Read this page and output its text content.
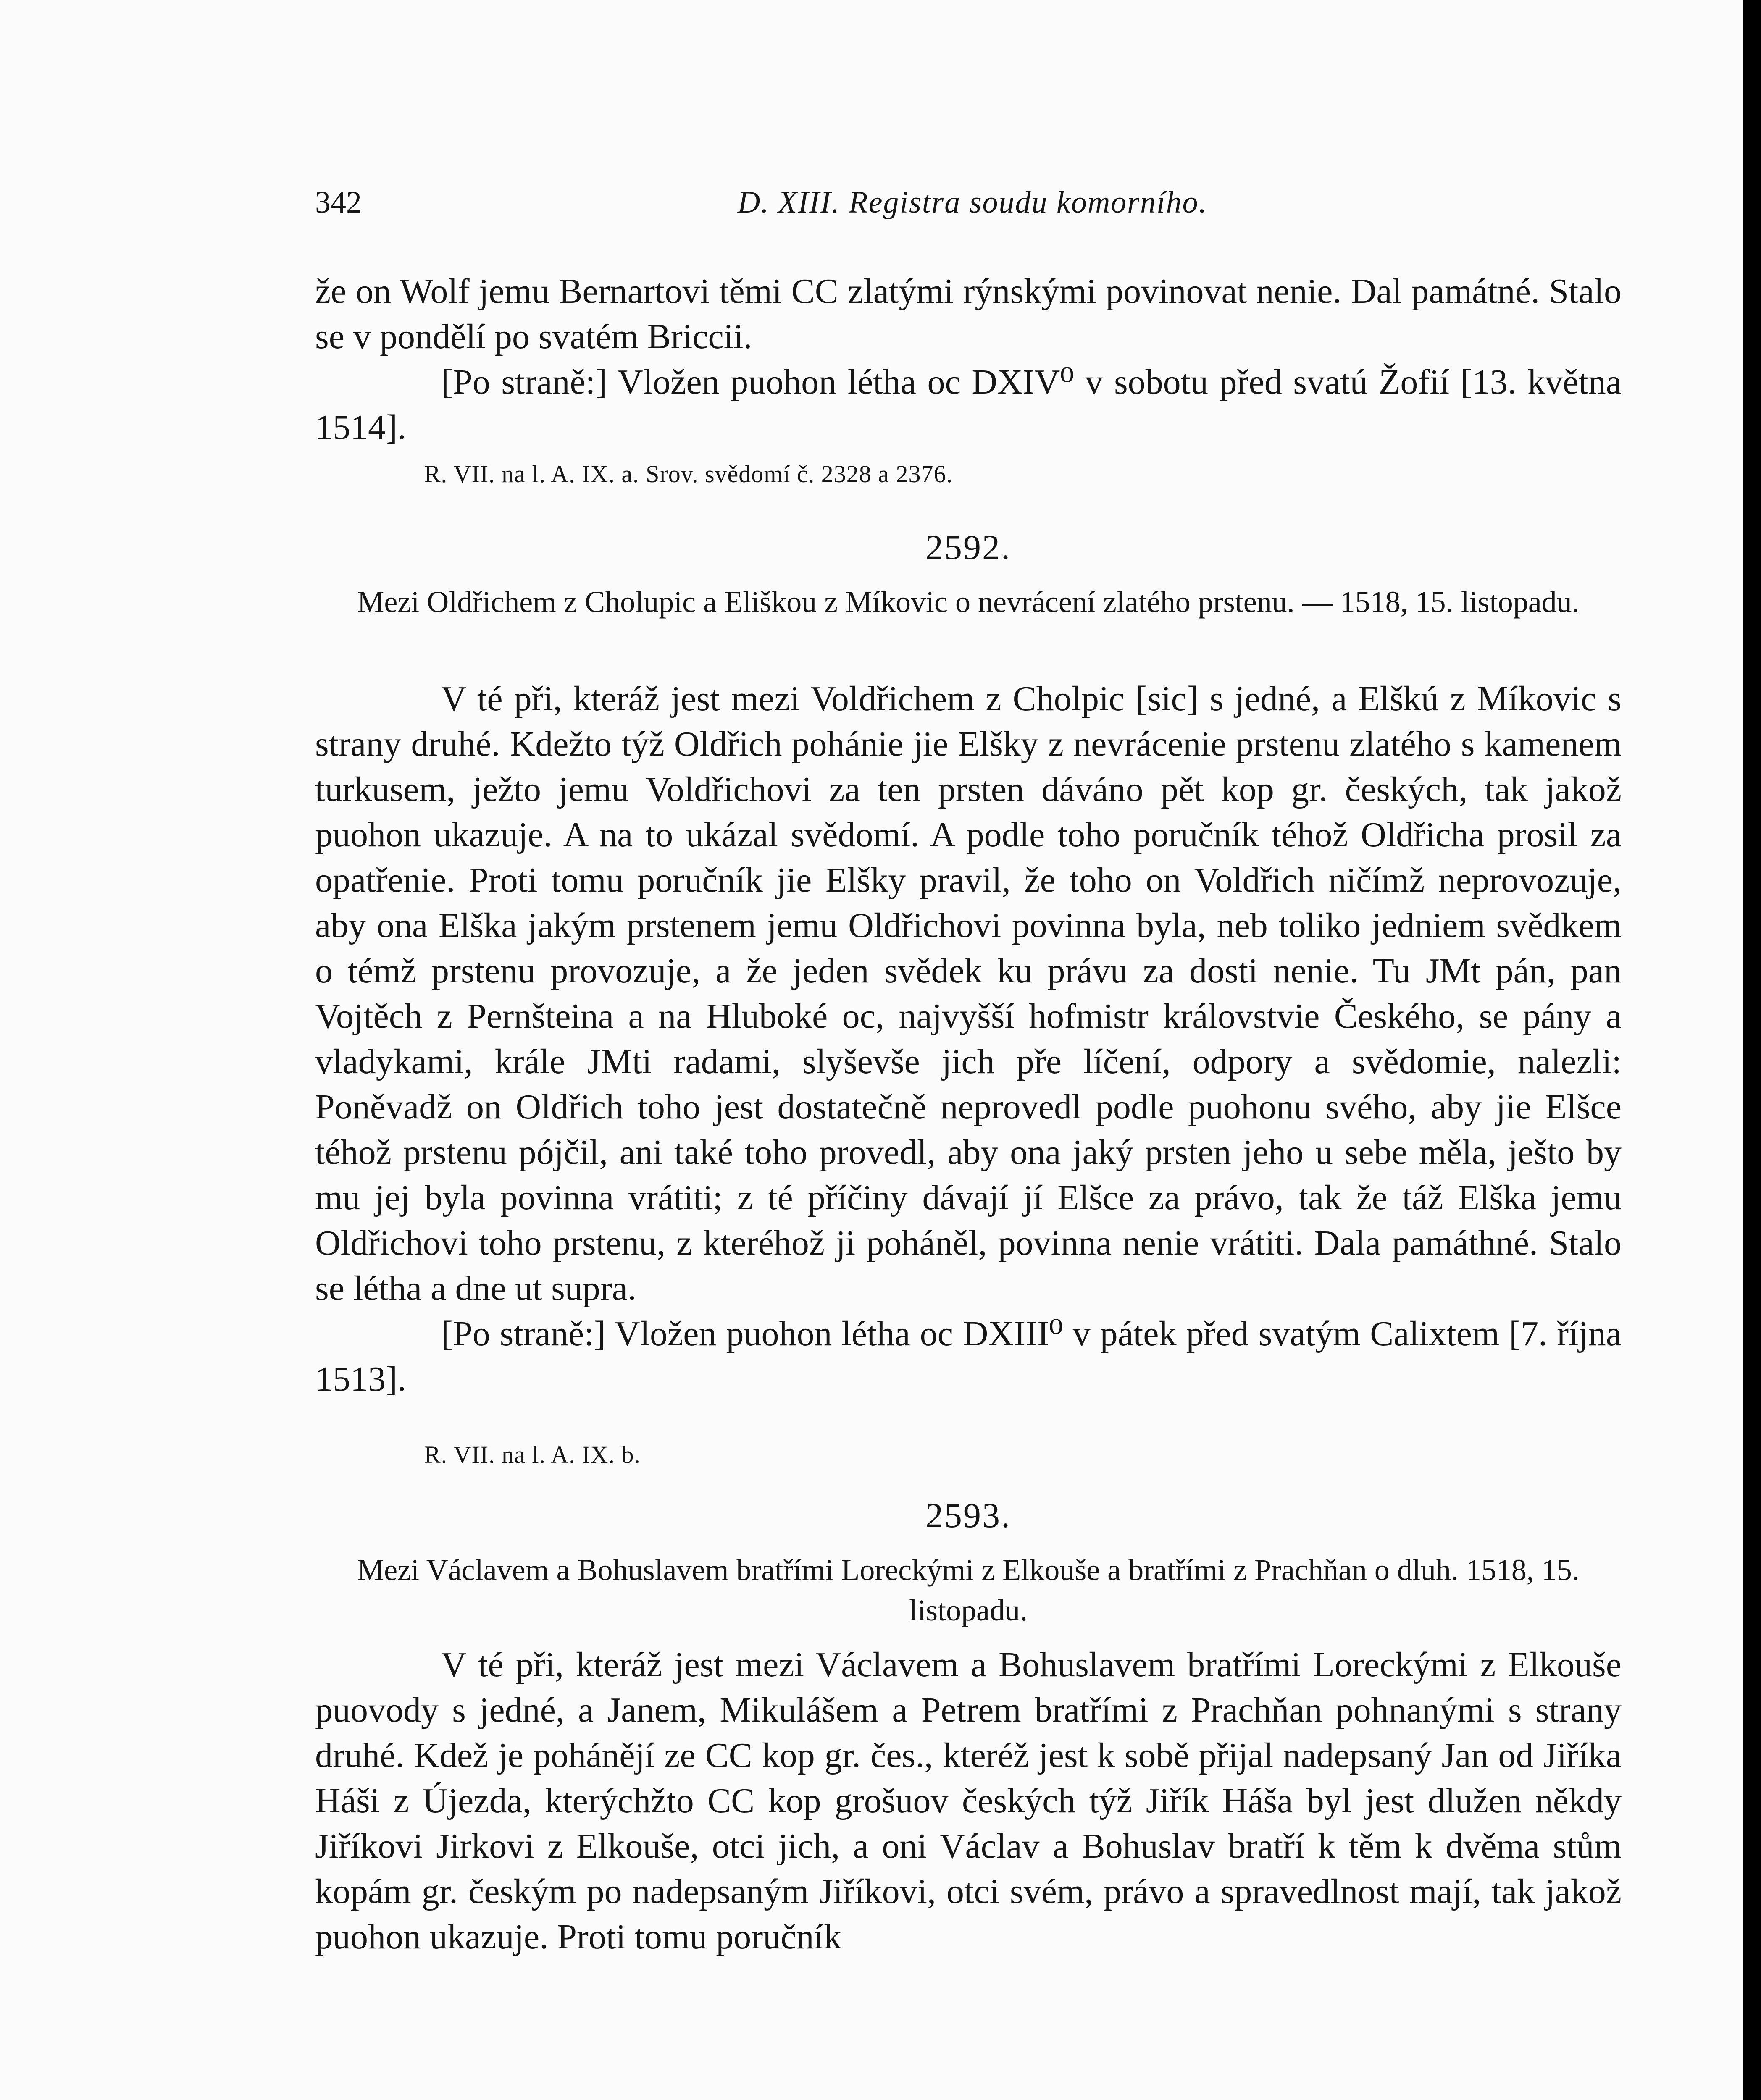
342	D. XIII. Registra soudu komorního.

že on Wolf jemu Bernartovi těmi CC zlatými rýnskými povinovat nenie. Dal památné. Stalo se v pondělí po svatém Briccii.

[Po straně:] Vložen puohon létha oc DXIV⁰ v sobotu před svatú Žofií [13. května 1514].

R. VII. na l. A. IX. a. Srov. svědomí č. 2328 a 2376.
2592.
Mezi Oldřichem z Cholupic a Eliškou z Míkovic o nevrácení zlatého prstenu. — 1518, 15. listopadu.

V té při, kteráž jest mezi Voldřichem z Cholpic [sic] s jedné, a Elškú z Míkovic s strany druhé. Kdežto týž Oldřich pohánie jie Elšky z nevrácenie prstenu zlatého s kamenem turkusem, ježto jemu Voldřichovi za ten prsten dáváno pět kop gr. českých, tak jakož puohon ukazuje. A na to ukázal svědomí. A podle toho poručník téhož Oldřicha prosil za opatřenie. Proti tomu poručník jie Elšky pravil, že toho on Voldřich ničímž neprovozuje, aby ona Elška jakým prstenem jemu Oldřichovi povinna byla, neb toliko jedniem svědkem o témž prstenu provozuje, a že jeden svědek ku právu za dosti nenie. Tu JMt pán, pan Vojtěch z Pernšteina a na Hluboké oc, najvyšší hofmistr královstvie Českého, se pány a vladykami, krále JMti radami, slyševše jich pře líčení, odpory a svědomie, nalezli: Poněvadž on Oldřich toho jest dostatečně neprovedl podle puohonu svého, aby jie Elšce téhož prstenu pójčil, ani také toho provedl, aby ona jaký prsten jeho u sebe měla, ješto by mu jej byla povinna vrátiti; z té příčiny dávají jí Elšce za právo, tak že táž Elška jemu Oldřichovi toho prstenu, z kteréhož ji poháněl, povinna nenie vrátiti. Dala památhné. Stalo se létha a dne ut supra.

[Po straně:] Vložen puohon létha oc DXIII⁰ v pátek před svatým Calixtem [7. října 1513].

R. VII. na l. A. IX. b.
2593.
Mezi Václavem a Bohuslavem bratřími Loreckými z Elkouše a bratřími z Prachňan o dluh. 1518, 15. listopadu.

V té při, kteráž jest mezi Václavem a Bohuslavem bratřími Loreckými z Elkouše puovody s jedné, a Janem, Mikulášem a Petrem bratřími z Prachňan pohnanými s strany druhé. Kdež je pohánějí ze CC kop gr. čes., kteréž jest k sobě přijal nadepsaný Jan od Jiříka Háši z Újezda, kterýchžto CC kop grošuov českých týž Jiřík Háša byl jest dlužen někdy Jiříkovi Jirkovi z Elkouše, otci jich, a oni Václav a Bohuslav bratří k těm k dvěma stům kopám gr. českým po nadepsaným Jiříkovi, otci svém, právo a spravedlnost mají, tak jakož puohon ukazuje. Proti tomu poručník
